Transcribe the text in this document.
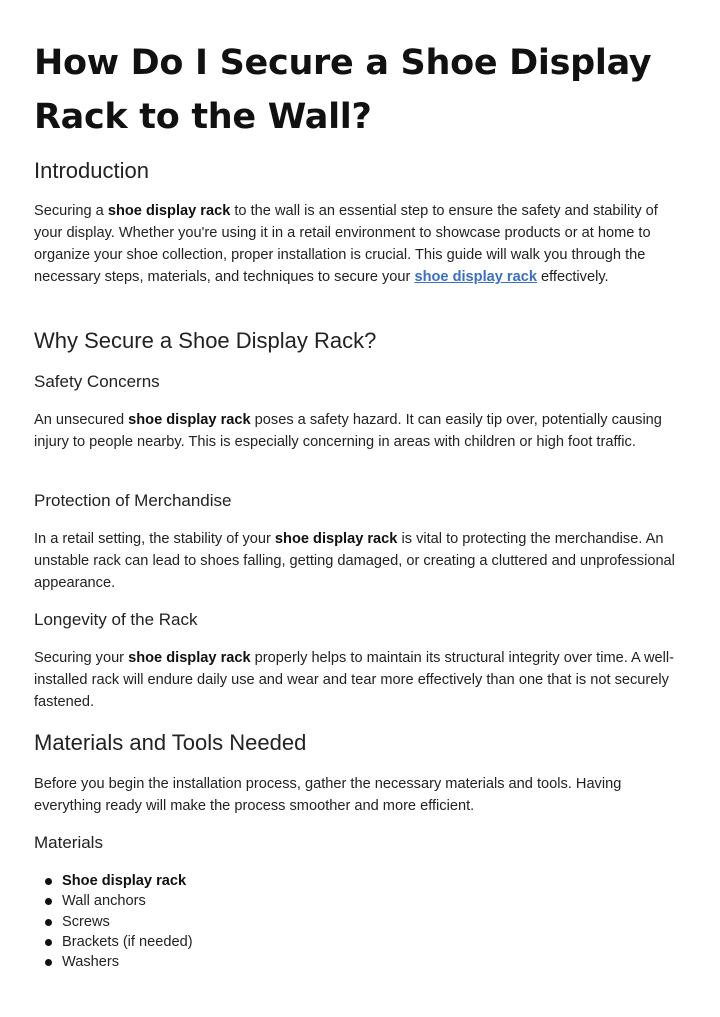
How Do I Secure a Shoe Display Rack to the Wall?
Introduction

Securing a shoe display rack to the wall is an essential step to ensure the safety and stability of your display. Whether you're using it in a retail environment to showcase products or at home to organize your shoe collection, proper installation is crucial. This guide will walk you through the necessary steps, materials, and techniques to secure your shoe display rack effectively.

Why Secure a Shoe Display Rack?
Safety Concerns

An unsecured shoe display rack poses a safety hazard. It can easily tip over, potentially causing injury to people nearby. This is especially concerning in areas with children or high foot traffic.

Protection of Merchandise

In a retail setting, the stability of your shoe display rack is vital to protecting the merchandise. An unstable rack can lead to shoes falling, getting damaged, or creating a cluttered and unprofessional appearance.

Longevity of the Rack

Securing your shoe display rack properly helps to maintain its structural integrity over time. A well-installed rack will endure daily use and wear and tear more effectively than one that is not securely fastened.

Materials and Tools Needed

Before you begin the installation process, gather the necessary materials and tools. Having everything ready will make the process smoother and more efficient.

Materials
Shoe display rack
Wall anchors
Screws
Brackets (if needed)
Washers
